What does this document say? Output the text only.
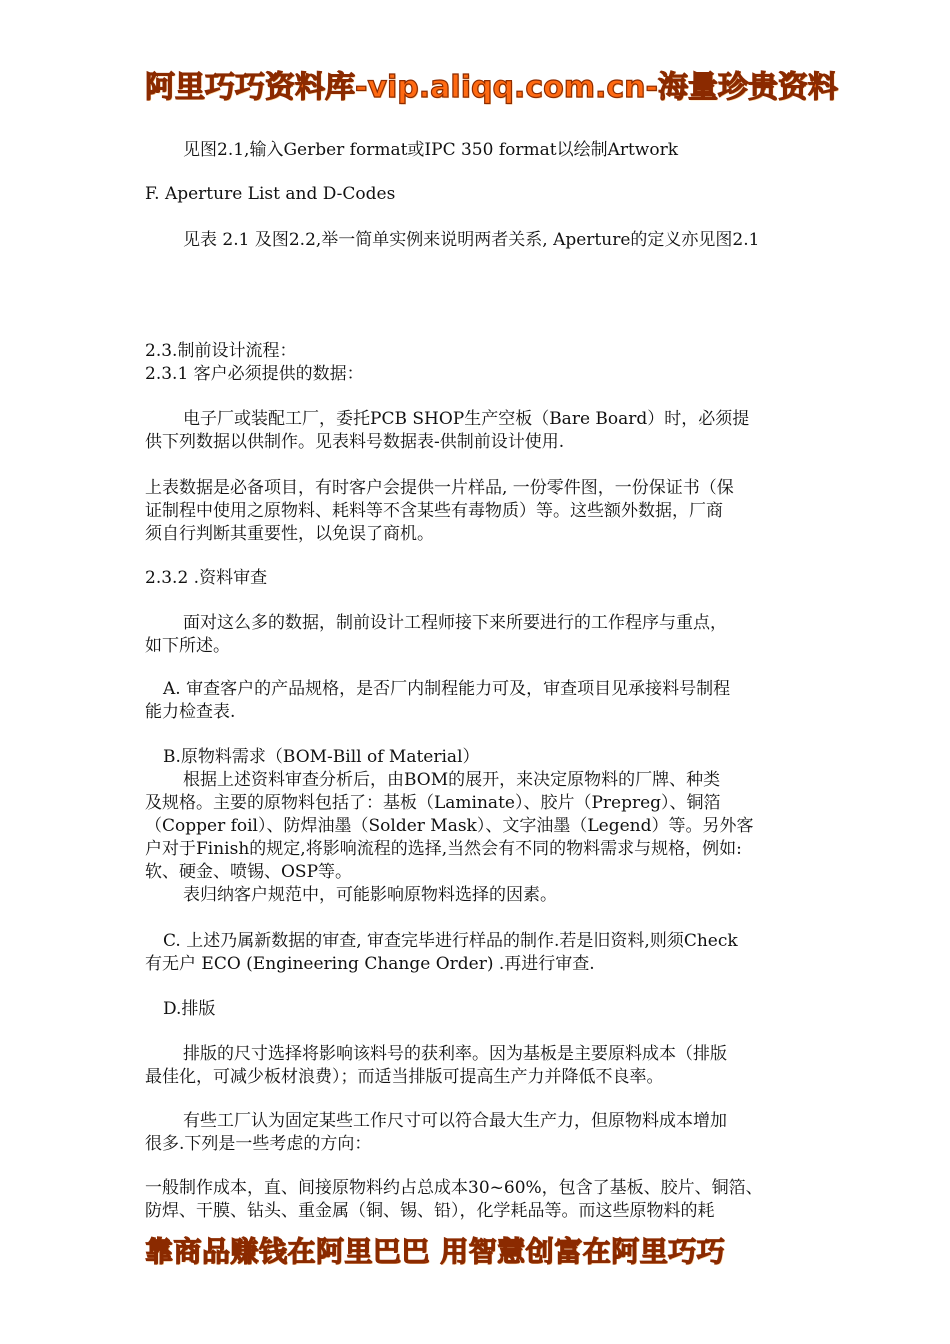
阿里巧巧资料库-vip.aliqq.com.cn-海量珍贵资料
见图2.1,输入Gerber format或IPC 350 format以绘制Artwork
F. Aperture List and D-Codes
见表 2.1 及图2.2,举一简单实例来说明两者关系, Aperture的定义亦见图2.1
2.3.制前设计流程：
2.3.1 客户必须提供的数据：
电子厂或装配工厂，委托PCB SHOP生产空板（Bare Board）时，必须提
供下列数据以供制作。见表料号数据表-供制前设计使用.
上表数据是必备项目，有时客户会提供一片样品, 一份零件图，一份保证书（保
证制程中使用之原物料、耗料等不含某些有毒物质）等。这些额外数据，厂商
须自行判断其重要性，以免误了商机。
2.3.2 .资料审查
面对这么多的数据，制前设计工程师接下来所要进行的工作程序与重点，
如下所述。
A. 审查客户的产品规格，是否厂内制程能力可及，审查项目见承接料号制程
能力检查表.
B.原物料需求（BOM-Bill of Material）
根据上述资料审查分析后，由BOM的展开，来决定原物料的厂牌、种类
及规格。主要的原物料包括了：基板（Laminate）、胶片（Prepreg）、铜箔
（Copper foil）、防焊油墨（Solder Mask）、文字油墨（Legend）等。另外客
户对于Finish的规定,将影响流程的选择,当然会有不同的物料需求与规格，例如:
软、硬金、喷锡、OSP等。
表归纳客户规范中，可能影响原物料选择的因素。
C. 上述乃属新数据的审查, 审查完毕进行样品的制作.若是旧资料,则须Check
有无户 ECO (Engineering Change Order) .再进行审查.
D.排版
排版的尺寸选择将影响该料号的获利率。因为基板是主要原料成本（排版
最佳化，可减少板材浪费）；而适当排版可提高生产力并降低不良率。
有些工厂认为固定某些工作尺寸可以符合最大生产力，但原物料成本增加
很多.下列是一些考虑的方向：
一般制作成本，直、间接原物料约占总成本30~60%，包含了基板、胶片、铜箔、
防焊、干膜、钻头、重金属（铜、锡、铅），化学耗品等。而这些原物料的耗
靠商品赚钱在阿里巴巴 用智慧创富在阿里巧巧
